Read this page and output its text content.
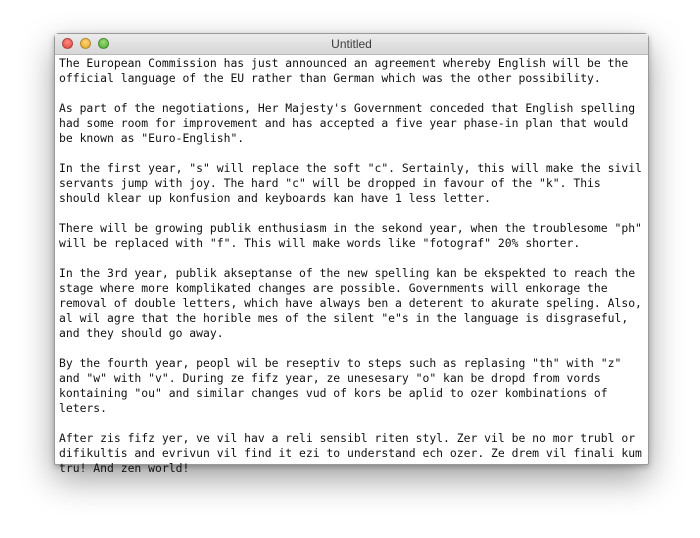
Untitled

The European Commission has just announced an agreement whereby English will be the official language of the EU rather than German which was the other possibility.

As part of the negotiations, Her Majesty's Government conceded that English spelling had some room for improvement and has accepted a five year phase-in plan that would be known as "Euro-English".

In the first year, "s" will replace the soft "c". Sertainly, this will make the sivil servants jump with joy. The hard "c" will be dropped in favour of the "k". This should klear up konfusion and keyboards kan have 1 less letter.

There will be growing publik enthusiasm in the sekond year, when the troublesome "ph" will be replaced with "f". This will make words like "fotograf" 20% shorter.

In the 3rd year, publik akseptanse of the new spelling kan be ekspekted to reach the stage where more komplikated changes are possible. Governments will enkorage the removal of double letters, which have always ben a deterent to akurate speling. Also, al wil agre that the horible mes of the silent "e"s in the language is disgraseful, and they should go away.

By the fourth year, peopl wil be reseptiv to steps such as replasing "th" with "z" and "w" with "v". During ze fifz year, ze unesesary "o" kan be dropd from vords kontaining "ou" and similar changes vud of kors be aplid to ozer kombinations of leters.

After zis fifz yer, ve vil hav a reli sensibl riten styl. Zer vil be no mor trubl or difikultis and evrivun vil find it ezi to understand ech ozer. Ze drem vil finali kum tru! And zen world!
